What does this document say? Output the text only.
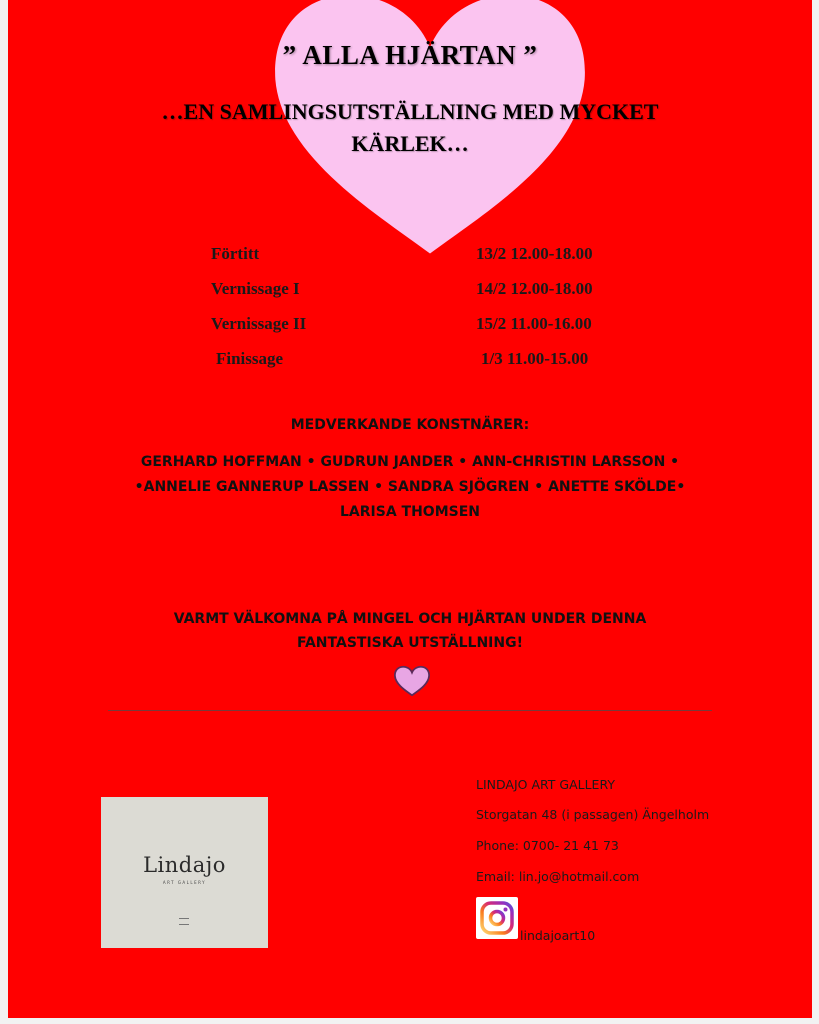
” ALLA HJÄRTAN ”
…EN SAMLINGSUTSTÄLLNING MED MYCKET KÄRLEK…
Förtitt	13/2 12.00-18.00
Vernissage I	14/2 12.00-18.00
Vernissage II	15/2 11.00-16.00
Finissage	1/3 11.00-15.00
MEDVERKANDE KONSTNÄRER:
GERHARD HOFFMAN • GUDRUN JANDER • ANN-CHRISTIN LARSSON •
•ANNELIE GANNERUP LASSEN • SANDRA SJÖGREN • ANETTE SKÖLDE•
LARISA THOMSEN
VARMT VÄLKOMNA PÅ MINGEL OCH HJÄRTAN UNDER DENNA
FANTASTISKA UTSTÄLLNING!
Lindajo
ART GALLERY
LINDAJO ART GALLERY
Storgatan 48 (i passagen) Ängelholm
Phone: 0700- 21 41 73
Email: lin.jo@hotmail.com
lindajoart10
